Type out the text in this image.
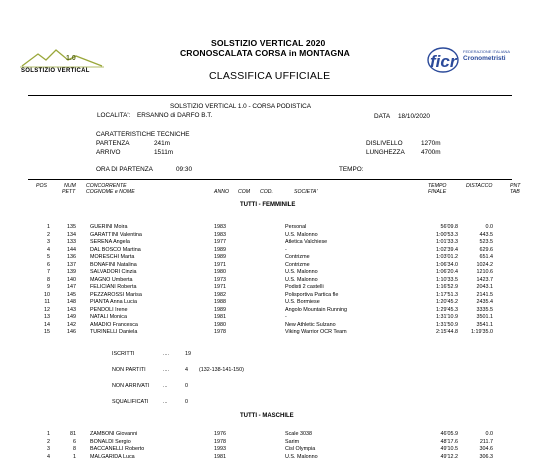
1.0
SOLSTIZIO VERTICAL
SOLSTIZIO VERTICAL 2020
CRONOSCALATA CORSA in MONTAGNA
CLASSIFICA UFFICIALE
ficr
FEDERAZIONE ITALIANA
Cronometristi
SOLSTIZIO VERTICAL 1.0 - CORSA PODISTICA
LOCALITA': ERSANNO di DARFO B.T.	DATA 18/10/2020
CARATTERISTICHE TECNICHE
PARTENZA	241m
ARRIVO	1511m
DISLIVELLO	1270m
LUNGHEZZA	4700m
ORA DI PARTENZA	09:30	TEMPO:
POS	NUM
PETT
CONCORRENTE
COGNOME e NOME	ANNO COM COD.	SOCIETA'
TEMPO
FINALE
DISTACCO	PNT
TAB
TUTTI - FEMMINILE
1	135	GUERINI Moira	1983	Personal	56'09.8	0.0
2	134	GARATTINI Valentina	1983	U.S. Malonno	1:00'53.3	443.5
3	133	SERENA Angela	1977	Atletica Valchiese	1:01'33.3	523.5
4	144	DAL BOSCO Martina	1989	-	1:02'39.4	629.6
5	136	MORESCHI Marta	1989	Contrizme	1:03'01.2	651.4
6	137	BONAFINI Natalina	1971	Contrizme	1:06'34.0	1024.2
7	139	SALVADORI Cinzia	1980	U.S. Malonno	1:06'20.4	1210.6
8	140	MAGNO Umberta	1973	U.S. Malonno	1:10'33.5	1423.7
9	147	FELICIANI Roberta	1971	Podisti 2 castelli	1:16'52.9	2043.1
10	145	PEZZAROSSI Marisa	1982	Polisportiva Partica fle	1:17'51.3	2141.5
11	148	PIANTA Anna Lucia	1988	U.S. Bormiese	1:20'45.2	2435.4
12	143	PENDOLI Irene	1989	Angolo Mountain Running	1:29'45.3	3335.5
13	149	NATALI Monica	1981	-	1:31'10.9	3501.1
14	142	AMADIO Francesca	1980	New Athletic Sulzano	1:31'50.9	3541.1
15	146	TURINELLI Daniela	1978	Viking Warrior OCR Team	2:15'44.8	1:19'35.0
ISCRITTI	....	19
NON PARTITI	....	4 (132-138-141-150)
NON ARRIVATI	...	0
SQUALIFICATI	...	0
TUTTI - MASCHILE
1	81	ZAMBONI Giovanni	1976	Scale 3038	46'05.9	0.0
2	6	BONALDI Sergio	1978	Sarim	48'17.6	211.7
3	8	BACCANELLI Roberto	1993	Cisl Olympia	49'10.5	304.6
4	1	MALGARIDA Luca	1981	U.S. Malonno	49'12.2	306.3
